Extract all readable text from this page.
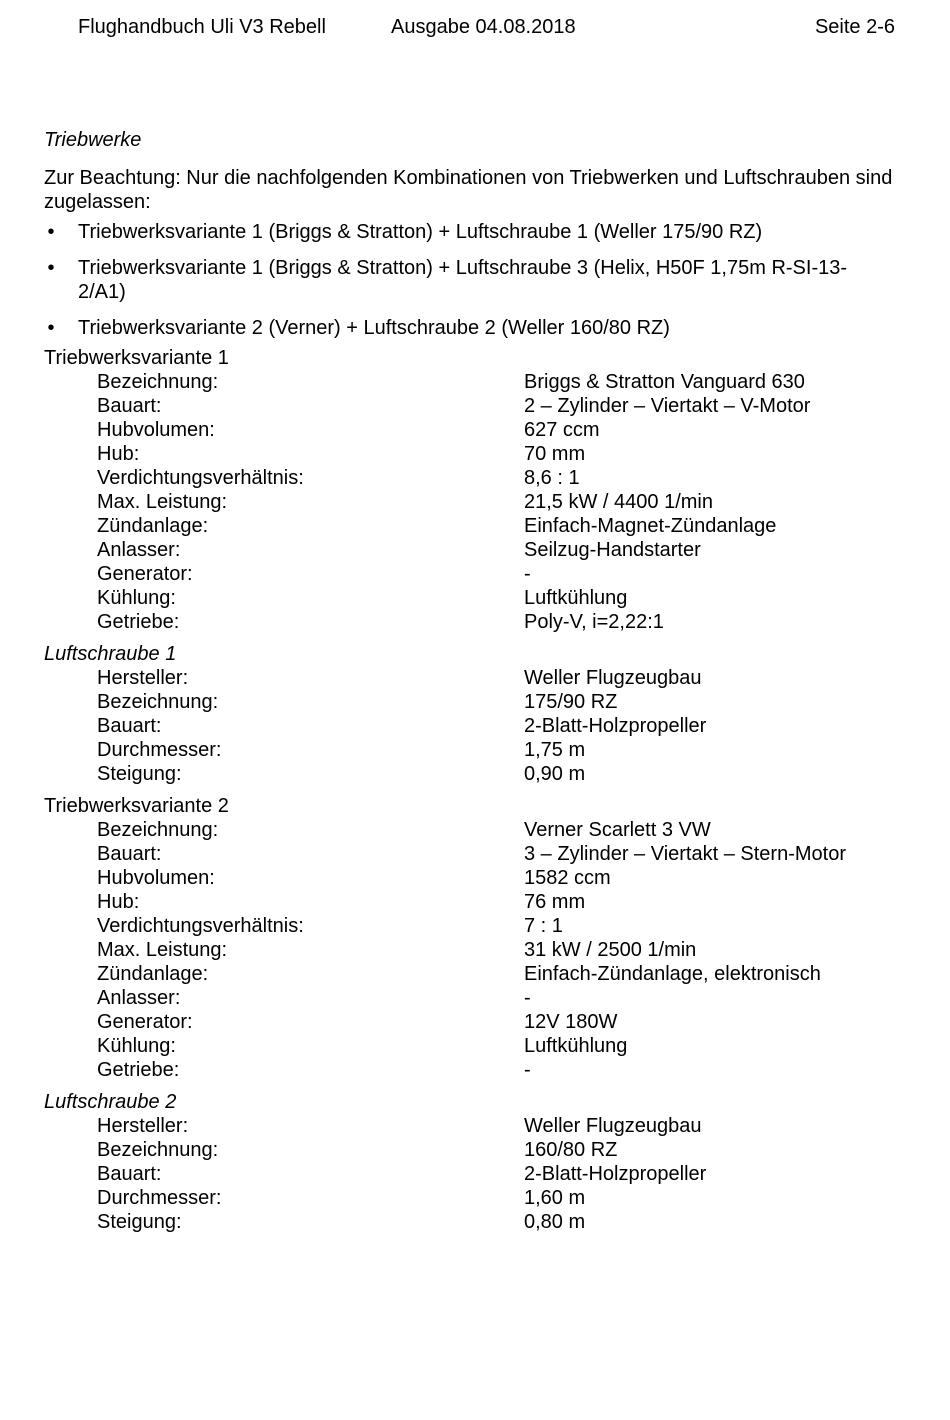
Flughandbuch Uli V3 Rebell	Ausgabe 04.08.2018	Seite 2-6

Triebwerke

Zur Beachtung: Nur die nachfolgenden Kombinationen von Triebwerken und Luftschrauben sind zugelassen:

• Triebwerksvariante 1 (Briggs & Stratton) + Luftschraube 1 (Weller 175/90 RZ)
• Triebwerksvariante 1 (Briggs & Stratton) + Luftschraube 3 (Helix, H50F 1,75m R-SI-13-2/A1)
• Triebwerksvariante 2 (Verner) + Luftschraube 2 (Weller 160/80 RZ)

Triebwerksvariante 1

Bezeichnung:	Briggs & Stratton Vanguard 630
Bauart:	2 – Zylinder – Viertakt – V-Motor
Hubvolumen:	627 ccm
Hub:	70 mm
Verdichtungsverhältnis:	8,6 : 1
Max. Leistung:	21,5 kW / 4400 1/min
Zündanlage:	Einfach-Magnet-Zündanlage
Anlasser:	Seilzug-Handstarter
Generator:	-
Kühlung:	Luftkühlung
Getriebe:	Poly-V, i=2,22:1

Luftschraube 1

Hersteller:	Weller Flugzeugbau
Bezeichnung:	175/90 RZ
Bauart:	2-Blatt-Holzpropeller
Durchmesser:	1,75 m
Steigung:	0,90 m

Triebwerksvariante 2

Bezeichnung:	Verner Scarlett 3 VW
Bauart:	3 – Zylinder – Viertakt – Stern-Motor
Hubvolumen:	1582 ccm
Hub:	76 mm
Verdichtungsverhältnis:	7 : 1
Max. Leistung:	31 kW / 2500 1/min
Zündanlage:	Einfach-Zündanlage, elektronisch
Anlasser:	-
Generator:	12V 180W
Kühlung:	Luftkühlung
Getriebe:	-

Luftschraube 2

Hersteller:	Weller Flugzeugbau
Bezeichnung:	160/80 RZ
Bauart:	2-Blatt-Holzpropeller
Durchmesser:	1,60 m
Steigung:	0,80 m
